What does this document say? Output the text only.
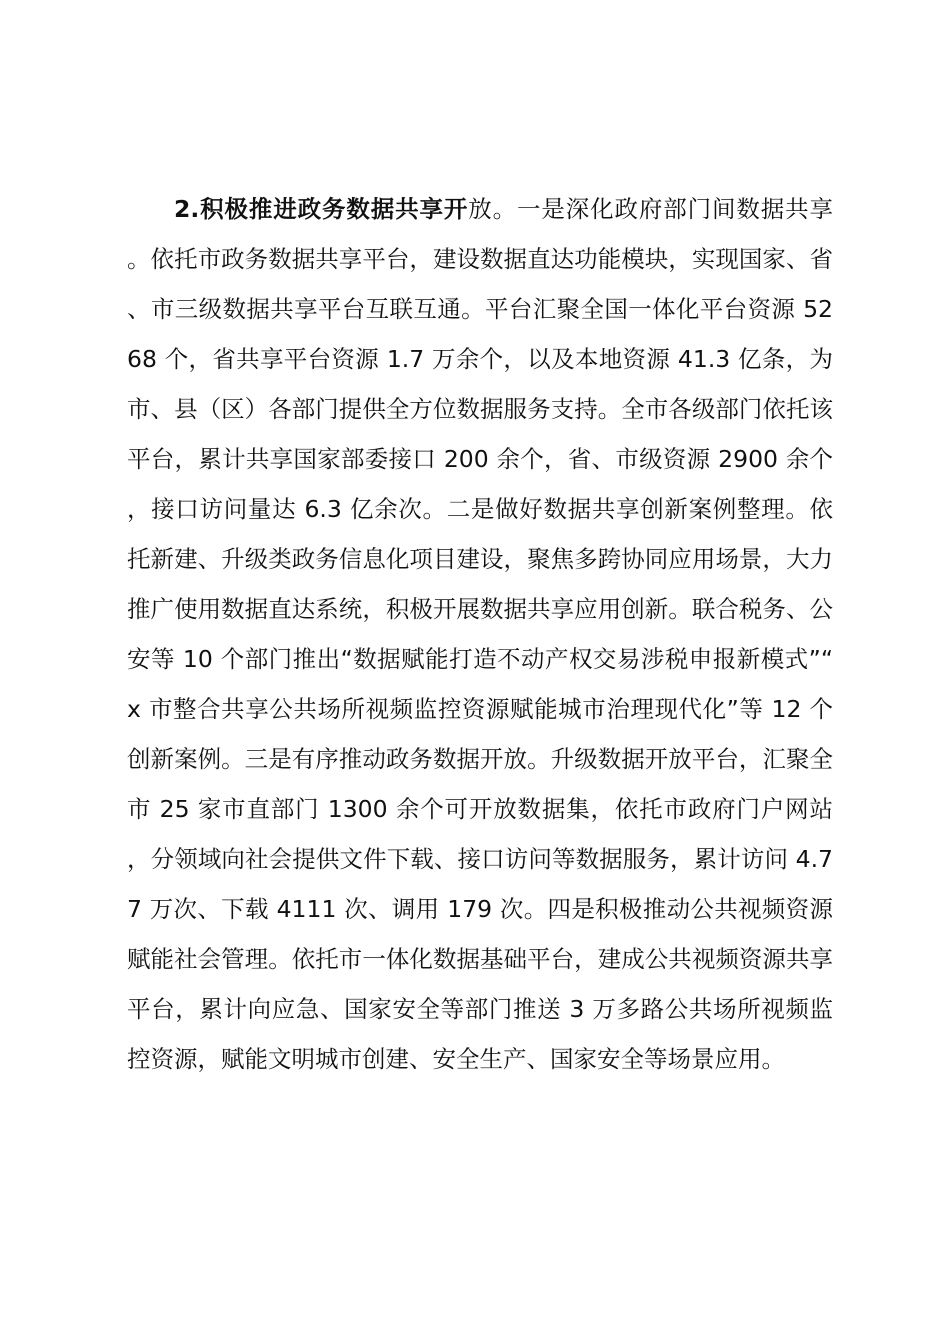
2.积极推进政务数据共享开放。一是深化政府部门间数据共享。依托市政务数据共享平台，建设数据直达功能模块，实现国家、省、市三级数据共享平台互联互通。平台汇聚全国一体化平台资源 5268 个，省共享平台资源 1.7 万余个，以及本地资源 41.3 亿条，为市、县（区）各部门提供全方位数据服务支持。全市各级部门依托该平台，累计共享国家部委接口 200 余个，省、市级资源 2900 余个，接口访问量达 6.3 亿余次。二是做好数据共享创新案例整理。依托新建、升级类政务信息化项目建设，聚焦多跨协同应用场景，大力推广使用数据直达系统，积极开展数据共享应用创新。联合税务、公安等 10 个部门推出“数据赋能打造不动产权交易涉税申报新模式”“x 市整合共享公共场所视频监控资源赋能城市治理现代化”等 12 个创新案例。三是有序推动政务数据开放。升级数据开放平台，汇聚全市 25 家市直部门 1300 余个可开放数据集，依托市政府门户网站，分领域向社会提供文件下载、接口访问等数据服务，累计访问 4.77 万次、下载 4111 次、调用 179 次。四是积极推动公共视频资源赋能社会管理。依托市一体化数据基础平台，建成公共视频资源共享平台，累计向应急、国家安全等部门推送 3 万多路公共场所视频监控资源，赋能文明城市创建、安全生产、国家安全等场景应用。
